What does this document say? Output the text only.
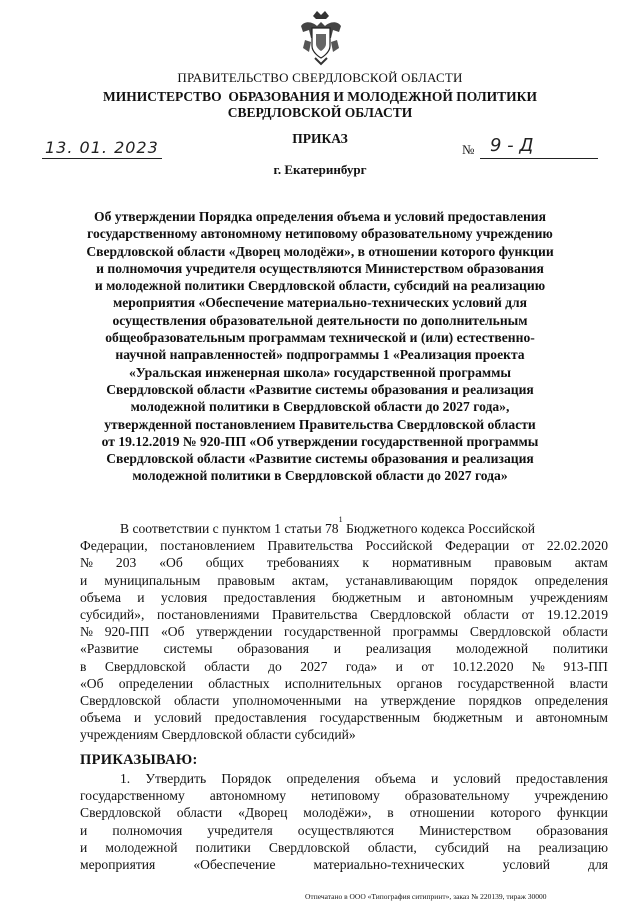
ПРАВИТЕЛЬСТВО СВЕРДЛОВСКОЙ ОБЛАСТИ
МИНИСТЕРСТВО  ОБРАЗОВАНИЯ И МОЛОДЕЖНОЙ ПОЛИТИКИ
СВЕРДЛОВСКОЙ ОБЛАСТИ
ПРИКАЗ
13. 01. 2023	№ 9 - Д
г. Екатеринбург
Об утверждении Порядка определения объема и условий предоставления
государственному автономному нетиповому образовательному учреждению
Свердловской области «Дворец молодёжи», в отношении которого функции
и полномочия учредителя осуществляются Министерством образования
и молодежной политики Свердловской области, субсидий на реализацию
мероприятия «Обеспечение материально-технических условий для
осуществления образовательной деятельности по дополнительным
общеобразовательным программам технической и (или) естественно-
научной направленностей» подпрограммы 1 «Реализация проекта
«Уральская инженерная школа» государственной программы
Свердловской области «Развитие системы образования и реализация
молодежной политики в Свердловской области до 2027 года»,
утвержденной постановлением Правительства Свердловской области
от 19.12.2019 № 920-ПП «Об утверждении государственной программы
Свердловской области «Развитие системы образования и реализация
молодежной политики в Свердловской области до 2027 года»
В соответствии с пунктом 1 статьи 78
1
Бюджетного кодекса Российской
Федерации, постановлением Правительства Российской Федерации от 22.02.2020
№ 203 «Об общих требованиях к нормативным правовым актам
и муниципальным правовым актам, устанавливающим порядок определения
объема и условия предоставления бюджетным и автономным учреждениям
субсидий», постановлениями Правительства Свердловской области от 19.12.2019
№ 920-ПП «Об утверждении государственной программы Свердловской области
«Развитие системы образования и реализация молодежной политики
в Свердловской области до 2027 года» и от 10.12.2020 № 913-ПП
«Об определении областных исполнительных органов государственной власти
Свердловской области уполномоченными на утверждение порядков определения
объема и условий предоставления государственным бюджетным и автономным
учреждениям Свердловской области субсидий»
ПРИКАЗЫВАЮ:
1. Утвердить Порядок определения объема и условий предоставления
государственному автономному нетиповому образовательному учреждению
Свердловской области «Дворец молодёжи», в отношении которого функции
и полномочия учредителя осуществляются Министерством образования
и молодежной политики Свердловской области, субсидий на реализацию
мероприятия	«Обеспечение	материально-технических	условий	для
Отпечатано в ООО «Типография ситипринт», заказ № 220139, тираж 30000
